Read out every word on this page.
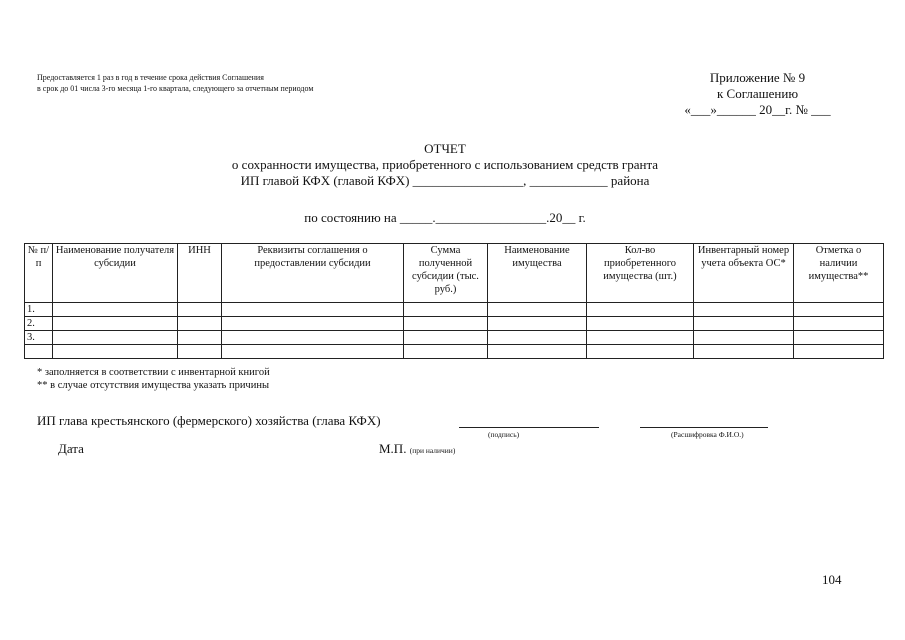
Предоставляется 1 раз в год в течение срока действия Соглашения
в срок до 01 числа 3-го месяца 1-го квартала, следующего за отчетным периодом
Приложение № 9
к Соглашению
«___»______ 20__г. № ___
ОТЧЕТ
о сохранности имущества, приобретенного с использованием средств гранта
ИП главой КФХ (главой КФХ) _________________, ____________ района
по состоянию на _____._________________.20__ г.
№ п/п	Наименование получателя субсидии	ИНН	Реквизиты соглашения о предоставлении субсидии	Сумма полученной субсидии (тыс. руб.)	Наименование имущества	Кол-во приобретенного имущества (шт.)	Инвентарный номер учета объекта ОС*	Отметка о наличии имущества**
1.								
2.								
3.								

* заполняется в соответствии с инвентарной книгой
** в случае отсутствия имущества указать причины
ИП глава крестьянского (фермерского) хозяйства (глава КФХ)
(подпись)	(Расшифровка Ф.И.О.)
Дата	М.П. (при наличии)
104
